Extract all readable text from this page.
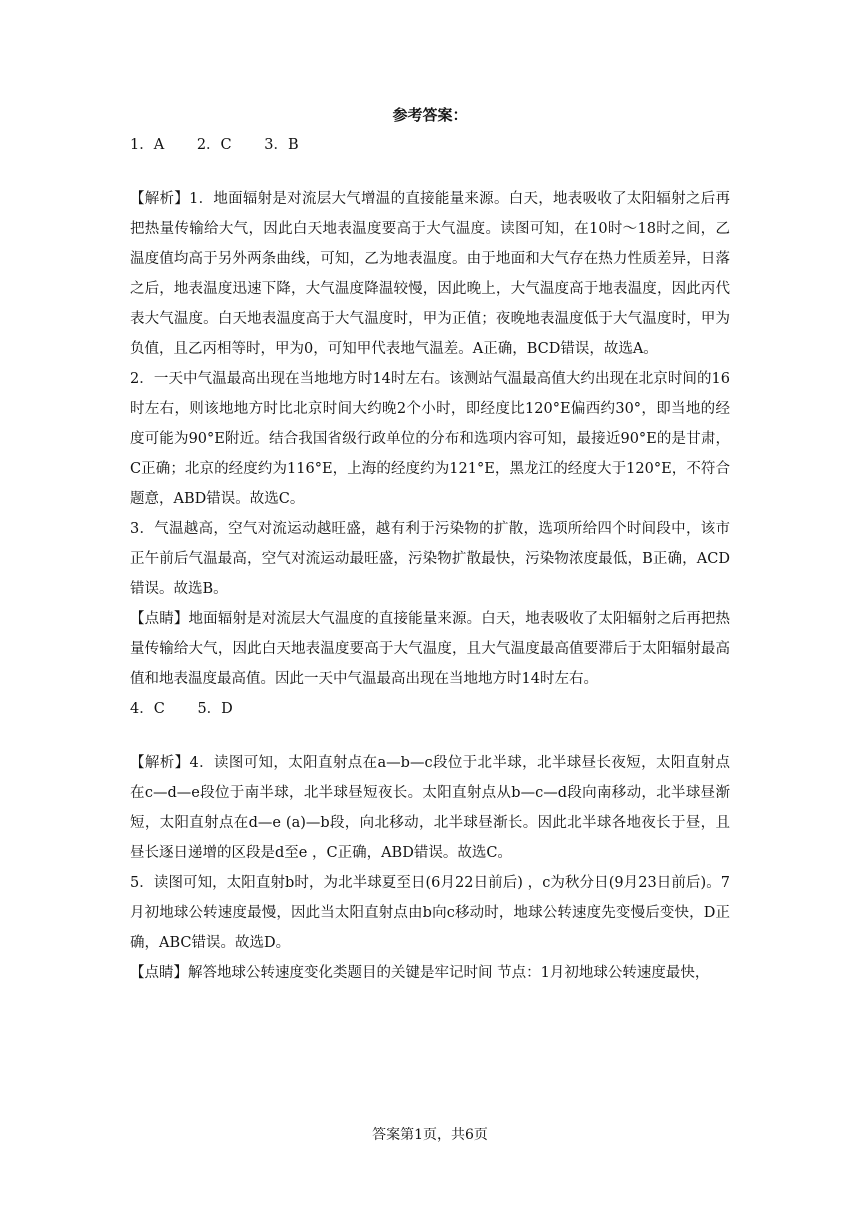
参考答案：

1．A 2．C 3．B

【解析】1．地面辐射是对流层大气增温的直接能量来源。白天，地表吸收了太阳辐射之后再把热量传输给大气，因此白天地表温度要高于大气温度。读图可知，在10时～18时之间，乙温度值均高于另外两条曲线，可知，乙为地表温度。由于地面和大气存在热力性质差异，日落之后，地表温度迅速下降，大气温度降温较慢，因此晚上，大气温度高于地表温度，因此丙代表大气温度。白天地表温度高于大气温度时，甲为正值；夜晚地表温度低于大气温度时，甲为负值，且乙丙相等时，甲为0，可知甲代表地气温差。A正确，BCD错误，故选A。

2．一天中气温最高出现在当地地方时14时左右。该测站气温最高值大约出现在北京时间的16时左右，则该地地方时比北京时间大约晚2个小时，即经度比120°E偏西约30°，即当地的经度可能为90°E附近。结合我国省级行政单位的分布和选项内容可知，最接近90°E的是甘肃，C正确；北京的经度约为116°E，上海的经度约为121°E，黑龙江的经度大于120°E，不符合题意，ABD错误。故选C。

3．气温越高，空气对流运动越旺盛，越有利于污染物的扩散，选项所给四个时间段中，该市正午前后气温最高，空气对流运动最旺盛，污染物扩散最快，污染物浓度最低，B正确，ACD错误。故选B。

【点睛】地面辐射是对流层大气温度的直接能量来源。白天，地表吸收了太阳辐射之后再把热量传输给大气，因此白天地表温度要高于大气温度，且大气温度最高值要滞后于太阳辐射最高值和地表温度最高值。因此一天中气温最高出现在当地地方时14时左右。

4．C 5．D

【解析】4．读图可知，太阳直射点在a—b—c段位于北半球，北半球昼长夜短，太阳直射点在c—d—e段位于南半球，北半球昼短夜长。太阳直射点从b—c—d段向南移动，北半球昼渐短，太阳直射点在d—e (a)—b段，向北移动，北半球昼渐长。因此北半球各地夜长于昼，且昼长逐日递增的区段是d至e ，C正确，ABD错误。故选C。

5．读图可知，太阳直射b时，为北半球夏至日(6月22日前后) ，c为秋分日(9月23日前后)。7月初地球公转速度最慢，因此当太阳直射点由b向c移动时，地球公转速度先变慢后变快，D正确，ABC错误。故选D。

【点睛】解答地球公转速度变化类题目的关键是牢记时间 节点：1月初地球公转速度最快，

答案第1页，共6页
